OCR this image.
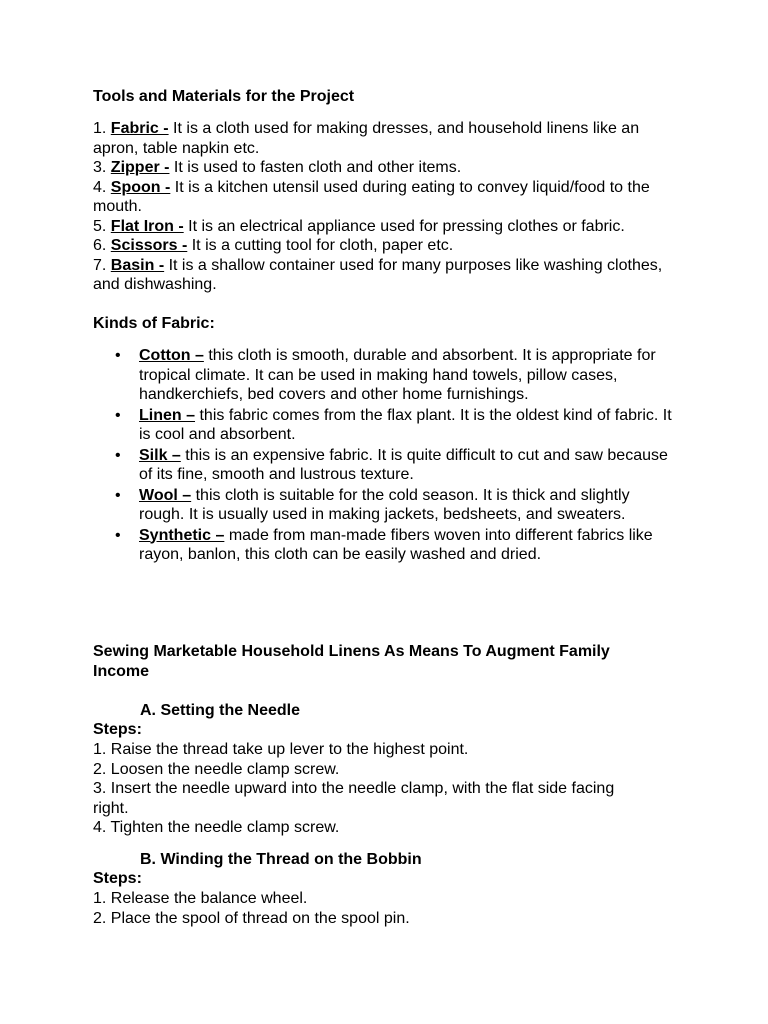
Tools and Materials for the Project

1. Fabric - It is a cloth used for making dresses, and household linens like an apron, table napkin etc.

3. Zipper - It is used to fasten cloth and other items.

4. Spoon - It is a kitchen utensil used during eating to convey liquid/food to the mouth.

5. Flat Iron - It is an electrical appliance used for pressing clothes or fabric.

6. Scissors - It is a cutting tool for cloth, paper etc.

7. Basin - It is a shallow container used for many purposes like washing clothes, and dishwashing.

Kinds of Fabric:
• Cotton – this cloth is smooth, durable and absorbent. It is appropriate for tropical climate. It can be used in making hand towels, pillow cases, handkerchiefs, bed covers and other home furnishings.
• Linen – this fabric comes from the flax plant. It is the oldest kind of fabric. It is cool and absorbent.
• Silk – this is an expensive fabric. It is quite difficult to cut and saw because of its fine, smooth and lustrous texture.
• Wool – this cloth is suitable for the cold season. It is thick and slightly rough. It is usually used in making jackets, bedsheets, and sweaters.
• Synthetic – made from man-made fibers woven into different fabrics like rayon, banlon, this cloth can be easily washed and dried.
Sewing Marketable Household Linens As Means To Augment Family Income
A. Setting the Needle
Steps:

1. Raise the thread take up lever to the highest point.

2. Loosen the needle clamp screw.

3. Insert the needle upward into the needle clamp, with the flat side facing right.

4. Tighten the needle clamp screw.

B. Winding the Thread on the Bobbin
Steps:

1. Release the balance wheel.

2. Place the spool of thread on the spool pin.
